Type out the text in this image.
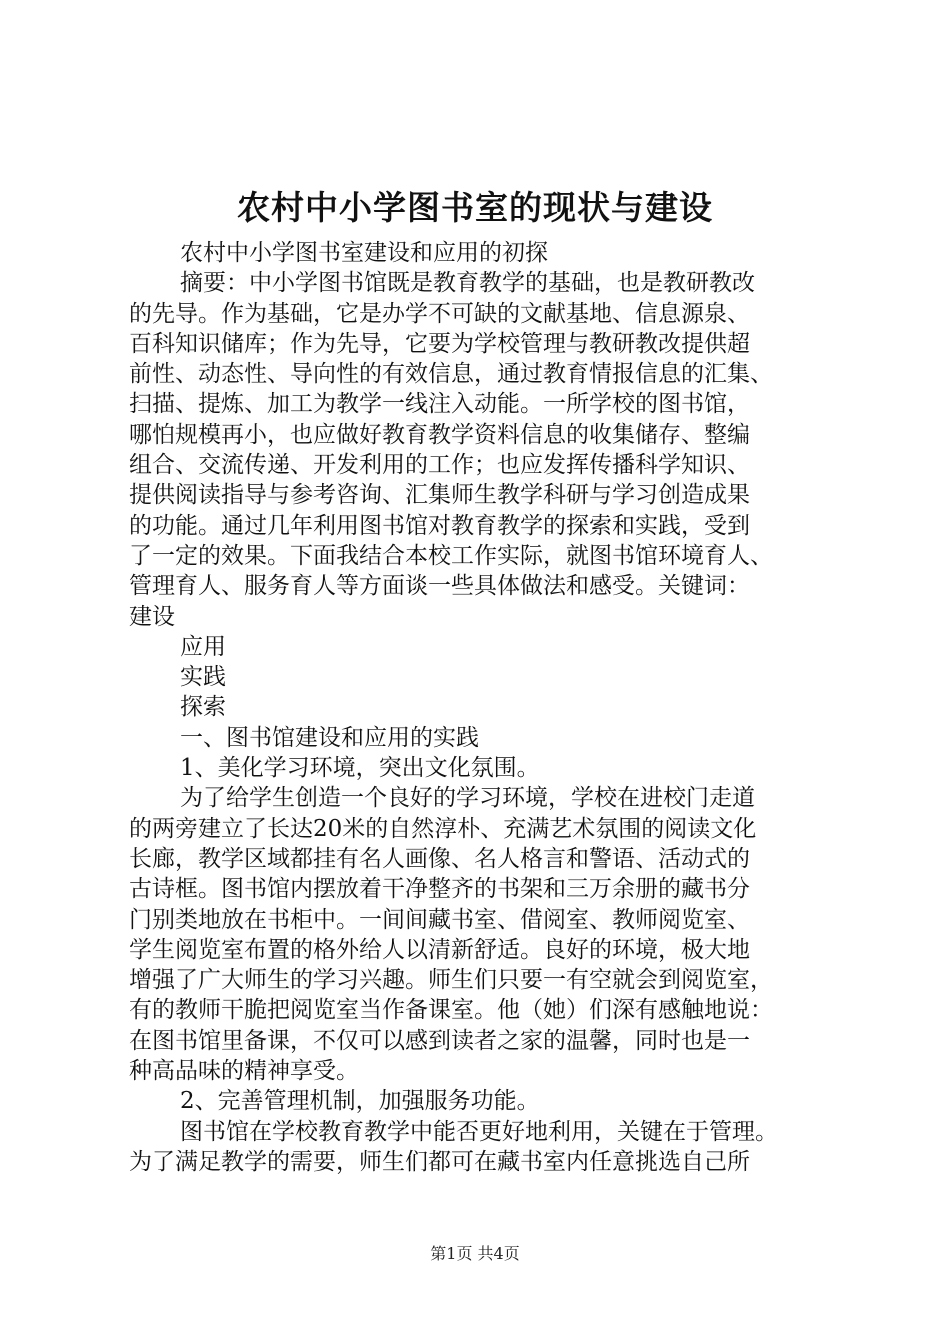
农村中小学图书室的现状与建设
农村中小学图书室建设和应用的初探
摘要：中小学图书馆既是教育教学的基础，也是教研教改
的先导。作为基础，它是办学不可缺的文献基地、信息源泉、
百科知识储库；作为先导，它要为学校管理与教研教改提供超
前性、动态性、导向性的有效信息，通过教育情报信息的汇集、
扫描、提炼、加工为教学一线注入动能。一所学校的图书馆，
哪怕规模再小，也应做好教育教学资料信息的收集储存、整编
组合、交流传递、开发利用的工作；也应发挥传播科学知识、
提供阅读指导与参考咨询、汇集师生教学科研与学习创造成果
的功能。通过几年利用图书馆对教育教学的探索和实践，受到
了一定的效果。下面我结合本校工作实际，就图书馆环境育人、
管理育人、服务育人等方面谈一些具体做法和感受。关键词：
建设
应用
实践
探索
一、图书馆建设和应用的实践
1、美化学习环境，突出文化氛围。
为了给学生创造一个良好的学习环境，学校在进校门走道
的两旁建立了长达20米的自然淳朴、充满艺术氛围的阅读文化
长廊，教学区域都挂有名人画像、名人格言和警语、活动式的
古诗框。图书馆内摆放着干净整齐的书架和三万余册的藏书分
门别类地放在书柜中。一间间藏书室、借阅室、教师阅览室、
学生阅览室布置的格外给人以清新舒适。良好的环境，极大地
增强了广大师生的学习兴趣。师生们只要一有空就会到阅览室，
有的教师干脆把阅览室当作备课室。他（她）们深有感触地说：
在图书馆里备课，不仅可以感到读者之家的温馨，同时也是一
种高品味的精神享受。
2、完善管理机制，加强服务功能。
图书馆在学校教育教学中能否更好地利用，关键在于管理。
为了满足教学的需要，师生们都可在藏书室内任意挑选自己所
第1页 共4页
